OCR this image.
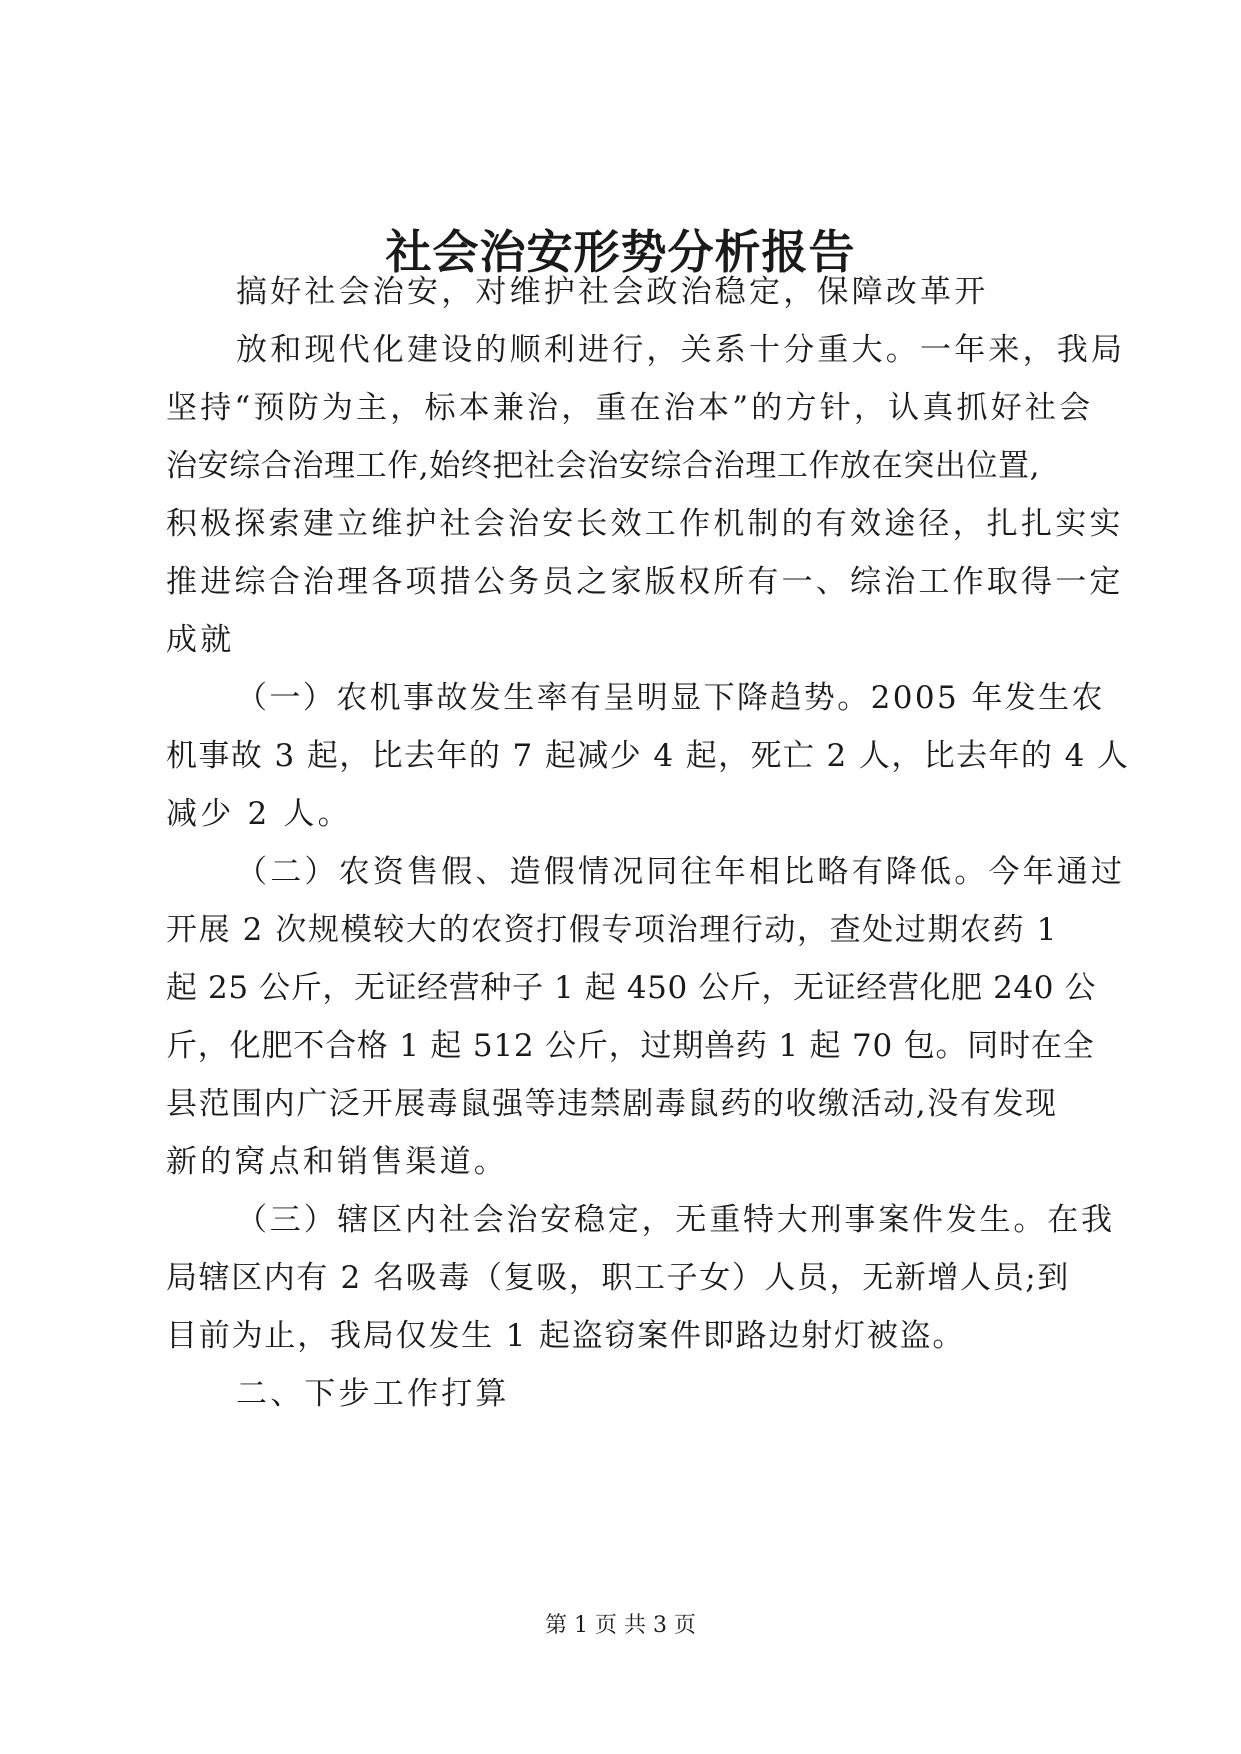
社会治安形势分析报告
搞好社会治安，对维护社会政治稳定，保障改革开
放和现代化建设的顺利进行，关系十分重大。一年来，我局
坚持“预防为主，标本兼治，重在治本”的方针，认真抓好社会
治安综合治理工作,始终把社会治安综合治理工作放在突出位置,
积极探索建立维护社会治安长效工作机制的有效途径，扎扎实实
推进综合治理各项措公务员之家版权所有一、综治工作取得一定
成就
（一）农机事故发生率有呈明显下降趋势。2005 年发生农
机事故 3 起，比去年的 7 起减少 4 起，死亡 2 人，比去年的 4 人
减少 2 人。
（二）农资售假、造假情况同往年相比略有降低。今年通过
开展 2 次规模较大的农资打假专项治理行动，查处过期农药 1
起 25 公斤，无证经营种子 1 起 450 公斤，无证经营化肥 240 公
斤，化肥不合格 1 起 512 公斤，过期兽药 1 起 70 包。同时在全
县范围内广泛开展毒鼠强等违禁剧毒鼠药的收缴活动,没有发现
新的窝点和销售渠道。
（三）辖区内社会治安稳定，无重特大刑事案件发生。在我
局辖区内有 2 名吸毒（复吸，职工子女）人员，无新增人员;到
目前为止，我局仅发生 1 起盗窃案件即路边射灯被盗。
二、下步工作打算
第 1 页 共 3 页
